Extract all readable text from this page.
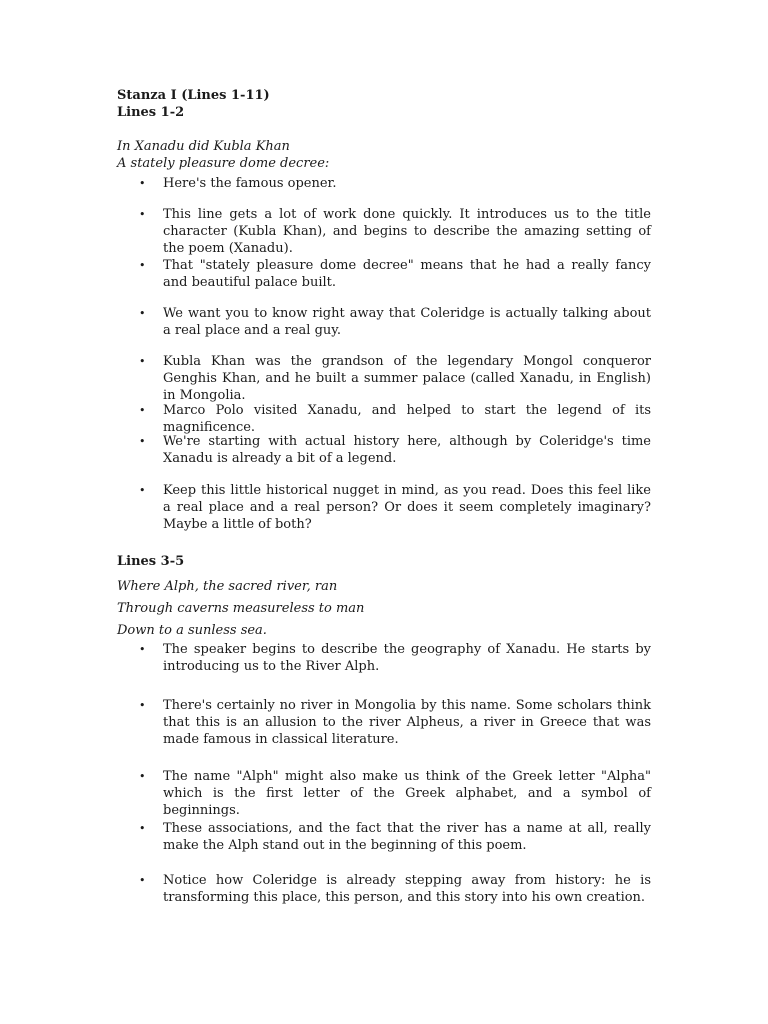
Stanza I (Lines 1-11)
Lines 1-2

In Xanadu did Kubla Khan

A stately pleasure dome decree:

• Here's the famous opener.

• This line gets a lot of work done quickly. It introduces us to the title character (Kubla Khan), and begins to describe the amazing setting of the poem (Xanadu).

• That "stately pleasure dome decree" means that he had a really fancy and beautiful palace built.

• We want you to know right away that Coleridge is actually talking about a real place and a real guy.

• Kubla Khan was the grandson of the legendary Mongol conqueror Genghis Khan, and he built a summer palace (called Xanadu, in English) in Mongolia.

• Marco Polo visited Xanadu, and helped to start the legend of its magnificence.

• We're starting with actual history here, although by Coleridge's time Xanadu is already a bit of a legend.

• Keep this little historical nugget in mind, as you read. Does this feel like a real place and a real person? Or does it seem completely imaginary? Maybe a little of both?

Lines 3-5

Where Alph, the sacred river, ran

Through caverns measureless to man

Down to a sunless sea.

• The speaker begins to describe the geography of Xanadu. He starts by introducing us to the River Alph.

• There's certainly no river in Mongolia by this name. Some scholars think that this is an allusion to the river Alpheus, a river in Greece that was made famous in classical literature.

• The name "Alph" might also make us think of the Greek letter "Alpha" which is the first letter of the Greek alphabet, and a symbol of beginnings.

• These associations, and the fact that the river has a name at all, really make the Alph stand out in the beginning of this poem.

• Notice how Coleridge is already stepping away from history: he is transforming this place, this person, and this story into his own creation.
